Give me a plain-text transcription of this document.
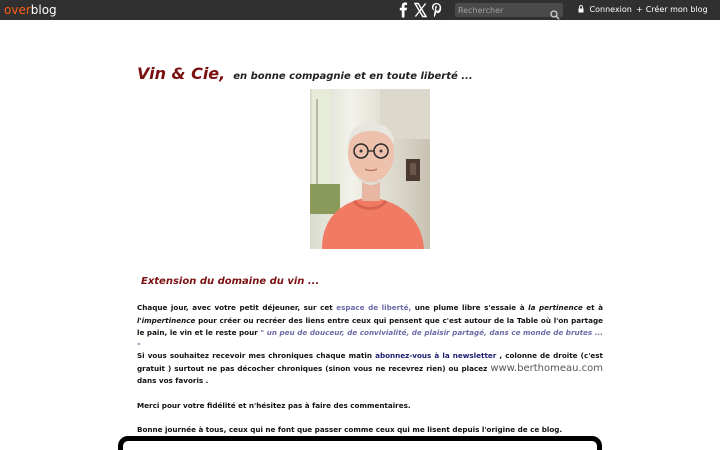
overblog
Rechercher	Connexion + Créer mon blog
Vin & Cie, en bonne compagnie et en toute liberté ...
Extension du domaine du vin ...

Chaque jour, avec votre petit déjeuner, sur cet espace de liberté, une plume libre s'essaie à la pertinence et à l'impertinence pour créer ou recréer des liens entre ceux qui pensent que c'est autour de la Table où l'on partage le pain, le vin et le reste pour " un peu de douceur, de convivialité, de plaisir partagé, dans ce monde de brutes ... "

Si vous souhaitez recevoir mes chroniques chaque matin abonnez-vous à la newsletter , colonne de droite (c'est gratuit ) surtout ne pas décocher chroniques (sinon vous ne recevrez rien) ou placez www.berthomeau.com dans vos favoris .

Merci pour votre fidélité et n'hésitez pas à faire des commentaires.

Bonne journée à tous, ceux qui ne font que passer comme ceux qui me lisent depuis l'origine de ce blog.
